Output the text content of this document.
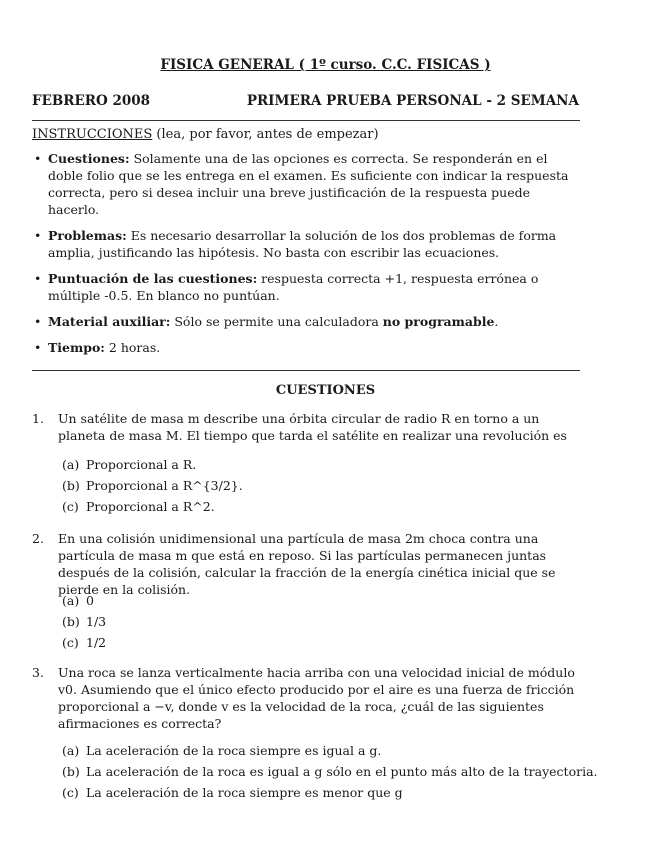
FISICA GENERAL ( 1º curso. C.C. FISICAS )
FEBRERO 2008	PRIMERA PRUEBA PERSONAL - 2 SEMANA
INSTRUCCIONES (lea, por favor, antes de empezar)
• Cuestiones: Solamente una de las opciones es correcta. Se responderán en el doble folio que se les entrega en el examen. Es suficiente con indicar la respuesta correcta, pero si desea incluir una breve justificación de la respuesta puede hacerlo.
• Problemas: Es necesario desarrollar la solución de los dos problemas de forma amplia, justificando las hipótesis. No basta con escribir las ecuaciones.
• Puntuación de las cuestiones: respuesta correcta +1, respuesta errónea o múltiple -0.5. En blanco no puntúan.
• Material auxiliar: Sólo se permite una calculadora no programable.
• Tiempo: 2 horas.
CUESTIONES
1.	Un satélite de masa m describe una órbita circular de radio R en torno a un planeta de masa M. El tiempo que tarda el satélite en realizar una revolución es
(a) Proporcional a R.
(b) Proporcional a R^{3/2}.
(c) Proporcional a R^2.
2.	En una colisión unidimensional una partícula de masa 2m choca contra una partícula de masa m que está en reposo. Si las partículas permanecen juntas después de la colisión, calcular la fracción de la energía cinética inicial que se pierde en la colisión.
(a) 0
(b) 1/3
(c) 1/2
3.	Una roca se lanza verticalmente hacia arriba con una velocidad inicial de módulo v0. Asumiendo que el único efecto producido por el aire es una fuerza de fricción proporcional a −v, donde v es la velocidad de la roca, ¿cuál de las siguientes afirmaciones es correcta?
(a) La aceleración de la roca siempre es igual a g.
(b) La aceleración de la roca es igual a g sólo en el punto más alto de la trayectoria.
(c) La aceleración de la roca siempre es menor que g
